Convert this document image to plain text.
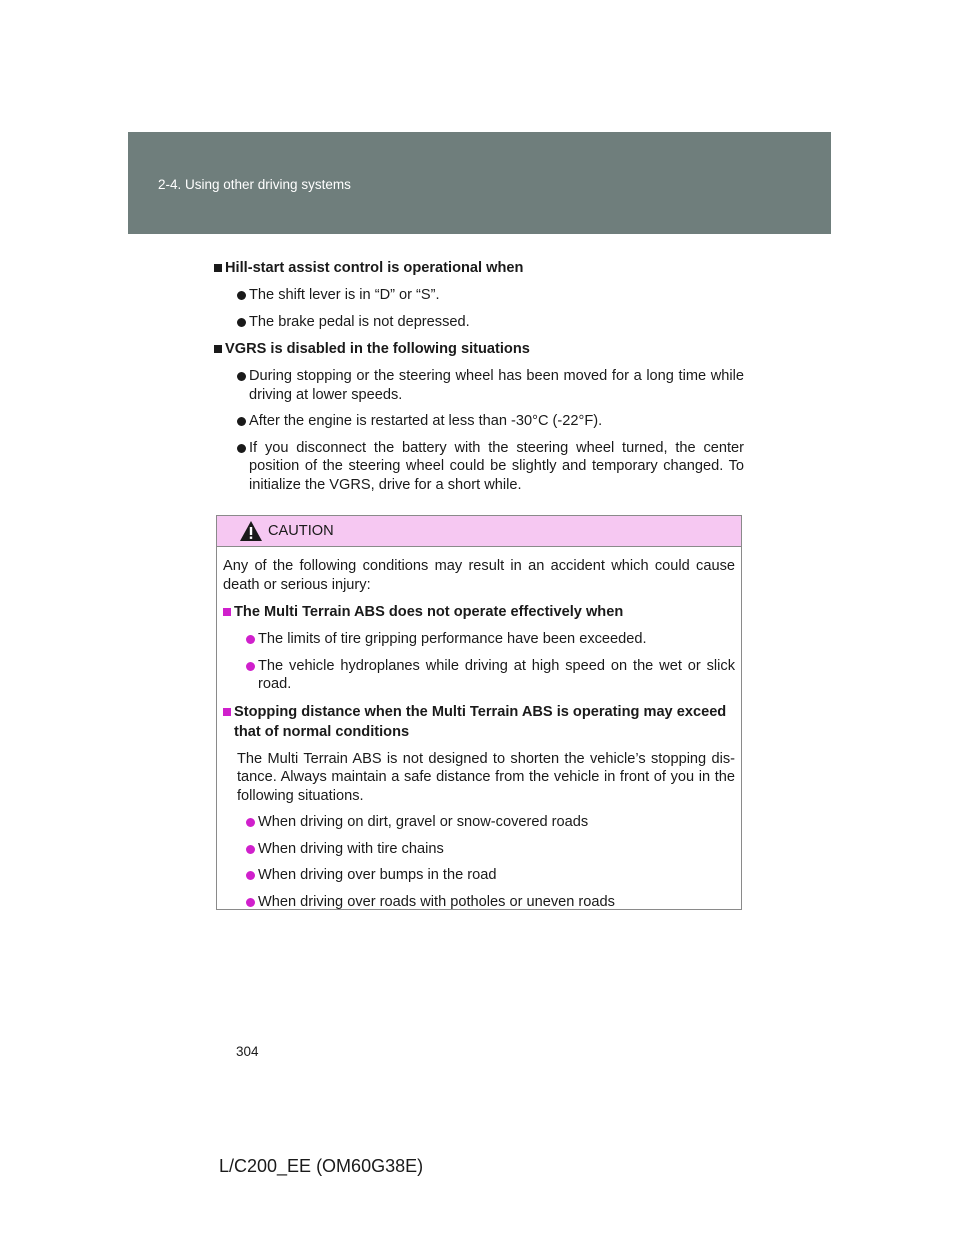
2-4. Using other driving systems
Hill-start assist control is operational when
The shift lever is in “D” or “S”.
The brake pedal is not depressed.
VGRS is disabled in the following situations
During stopping or the steering wheel has been moved for a long time while driving at lower speeds.
After the engine is restarted at less than -30°C (-22°F).
If you disconnect the battery with the steering wheel turned, the center position of the steering wheel could be slightly and temporary changed. To initialize the VGRS, drive for a short while.
CAUTION
Any of the following conditions may result in an accident which could cause death or serious injury:
The Multi Terrain ABS does not operate effectively when
The limits of tire gripping performance have been exceeded.
The vehicle hydroplanes while driving at high speed on the wet or slick road.
Stopping distance when the Multi Terrain ABS is operating may exceed that of normal conditions
The Multi Terrain ABS is not designed to shorten the vehicle’s stopping dis-tance. Always maintain a safe distance from the vehicle in front of you in the following situations.
When driving on dirt, gravel or snow-covered roads
When driving with tire chains
When driving over bumps in the road
When driving over roads with potholes or uneven roads
304
L/C200_EE (OM60G38E)
